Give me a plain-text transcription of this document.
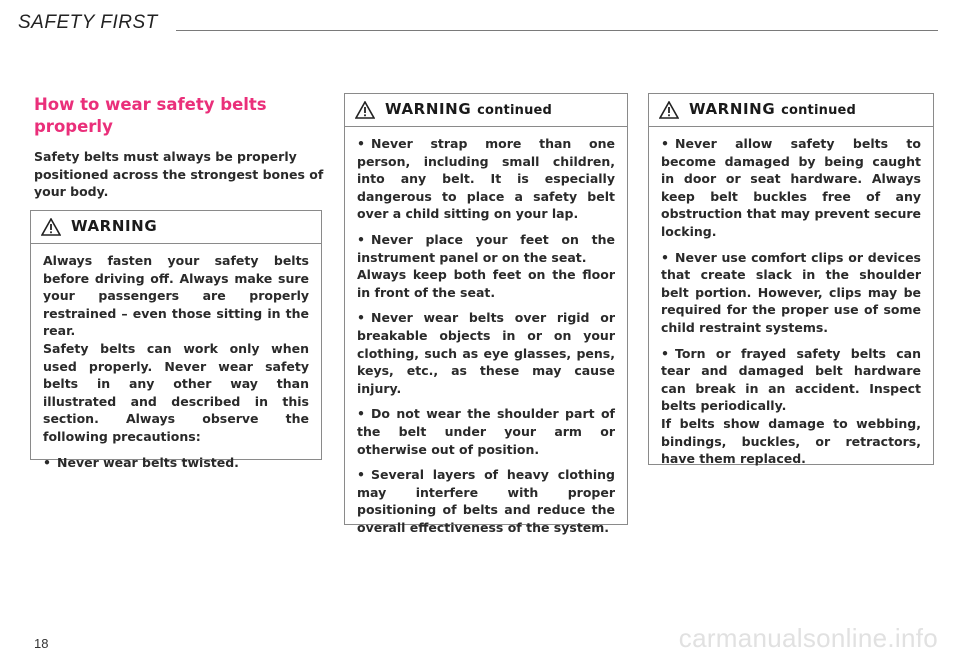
SAFETY FIRST
How to wear safety belts properly

Safety belts must always be properly positioned across the strongest bones of your body.

WARNING

Always fasten your safety belts before driving off. Always make sure your passengers are properly restrained – even those sitting in the rear.

Safety belts can work only when used properly. Never wear safety belts in any other way than illustrated and described in this section. Always observe the following precautions:

• Never wear belts twisted.

WARNING continued

• Never strap more than one person, including small children, into any belt. It is especially dangerous to place a safety belt over a child sitting on your lap.

• Never place your feet on the instrument panel or on the seat.

Always keep both feet on the floor in front of the seat.

• Never wear belts over rigid or breakable objects in or on your clothing, such as eye glasses, pens, keys, etc., as these may cause injury.

• Do not wear the shoulder part of the belt under your arm or otherwise out of position.

• Several layers of heavy clothing may interfere with proper positioning of belts and reduce the overall effectiveness of the system.

WARNING continued

• Never allow safety belts to become damaged by being caught in door or seat hardware. Always keep belt buckles free of any obstruction that may prevent secure locking.

• Never use comfort clips or devices that create slack in the shoulder belt portion. However, clips may be required for the proper use of some child restraint systems.

• Torn or frayed safety belts can tear and damaged belt hardware can break in an accident. Inspect belts periodically.

If belts show damage to webbing, bindings, buckles, or retractors, have them replaced.

18	carmanualsonline.info
